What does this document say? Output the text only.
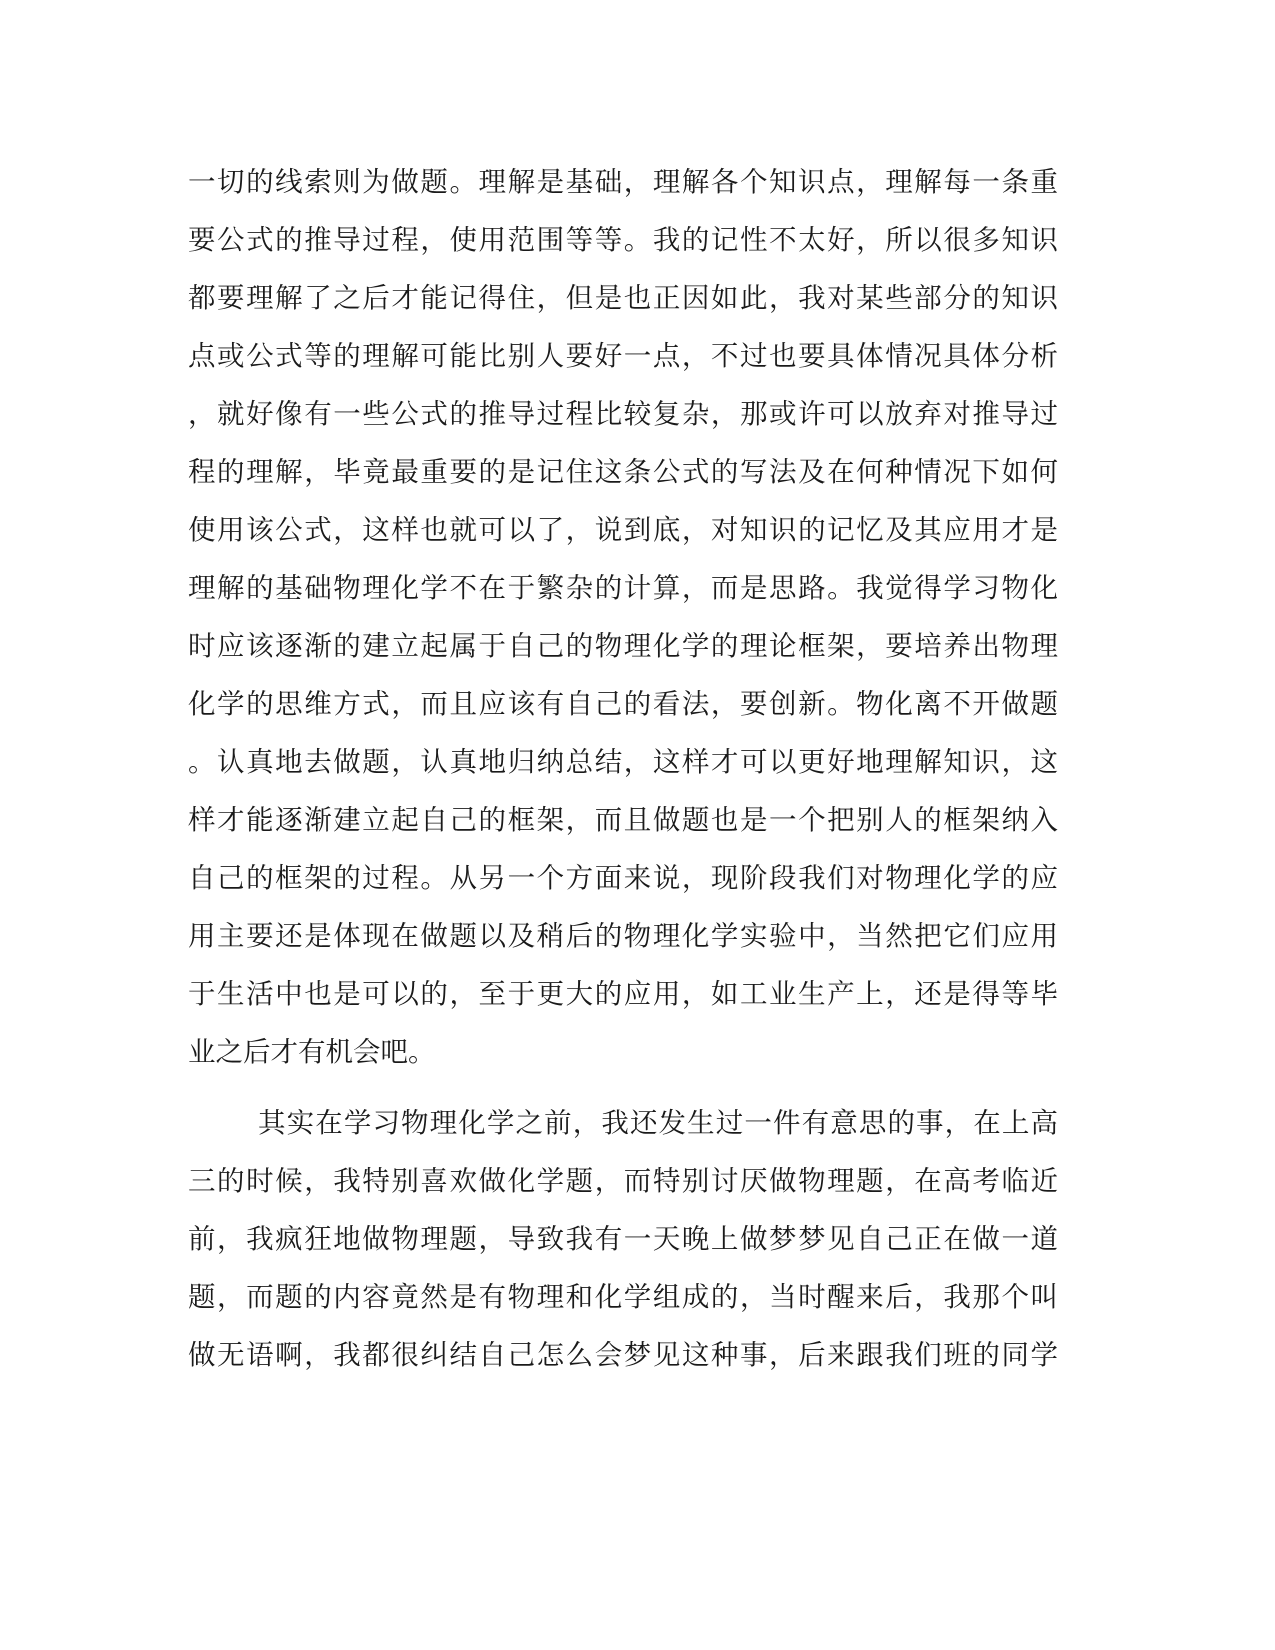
一切的线索则为做题。理解是基础，理解各个知识点，理解每一条重

要公式的推导过程，使用范围等等。我的记性不太好，所以很多知识

都要理解了之后才能记得住，但是也正因如此，我对某些部分的知识

点或公式等的理解可能比别人要好一点，不过也要具体情况具体分析

，就好像有一些公式的推导过程比较复杂，那或许可以放弃对推导过

程的理解，毕竟最重要的是记住这条公式的写法及在何种情况下如何

使用该公式，这样也就可以了，说到底，对知识的记忆及其应用才是

理解的基础物理化学不在于繁杂的计算，而是思路。我觉得学习物化

时应该逐渐的建立起属于自己的物理化学的理论框架，要培养出物理

化学的思维方式，而且应该有自己的看法，要创新。物化离不开做题

。认真地去做题，认真地归纳总结，这样才可以更好地理解知识，这

样才能逐渐建立起自己的框架，而且做题也是一个把别人的框架纳入

自己的框架的过程。从另一个方面来说，现阶段我们对物理化学的应

用主要还是体现在做题以及稍后的物理化学实验中，当然把它们应用

于生活中也是可以的，至于更大的应用，如工业生产上，还是得等毕

业之后才有机会吧。

其实在学习物理化学之前，我还发生过一件有意思的事，在上高

三的时候，我特别喜欢做化学题，而特别讨厌做物理题，在高考临近

前，我疯狂地做物理题，导致我有一天晚上做梦梦见自己正在做一道

题，而题的内容竟然是有物理和化学组成的，当时醒来后，我那个叫

做无语啊，我都很纠结自己怎么会梦见这种事，后来跟我们班的同学
